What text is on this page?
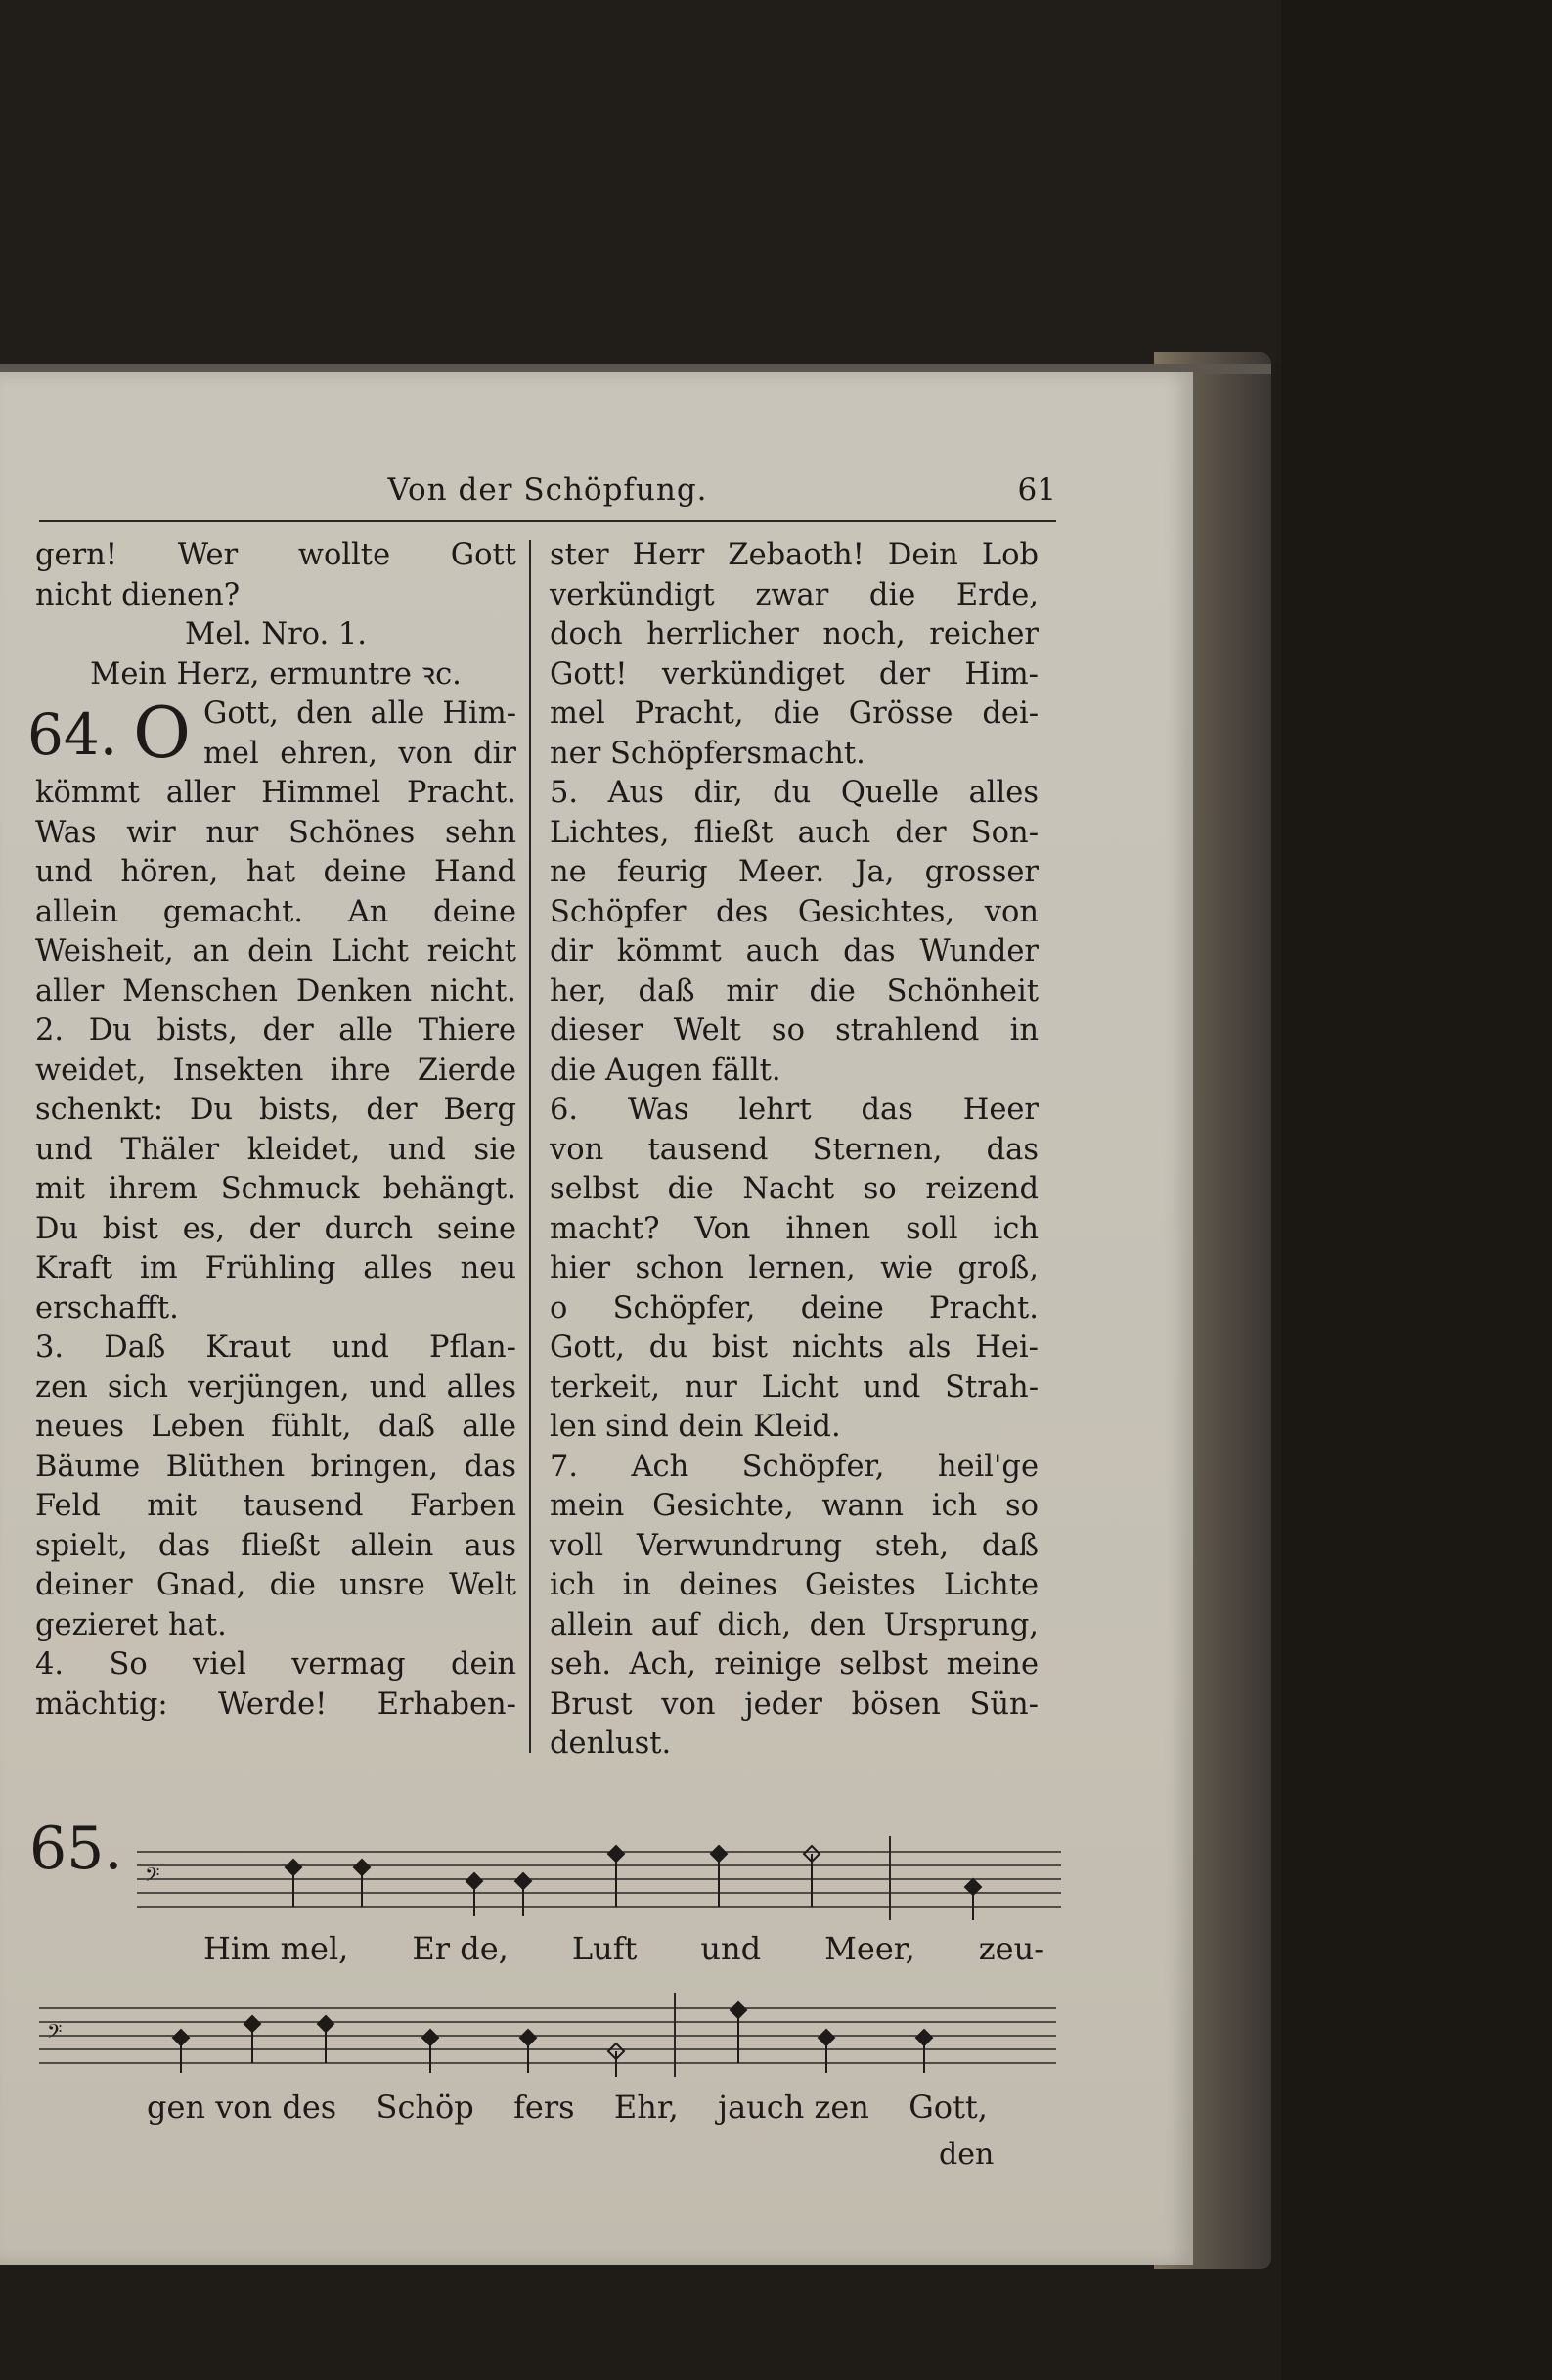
Von der Schöpfung.	61
gern! Wer wollte Gott
nicht dienen?
Mel. Nro. 1.
Mein Herz, ermuntre ꝛc.
64. O Gott, den alle Him-
mel ehren, von dir
kömmt aller Himmel Pracht.
Was wir nur Schönes sehn
und hören, hat deine Hand
allein gemacht. An deine
Weisheit, an dein Licht reicht
aller Menschen Denken nicht.
2. Du bists, der alle Thiere
weidet, Insekten ihre Zierde
schenkt: Du bists, der Berg
und Thäler kleidet, und sie
mit ihrem Schmuck behängt.
Du bist es, der durch seine
Kraft im Frühling alles neu
erschafft.
3. Daß Kraut und Pflan-
zen sich verjüngen, und alles
neues Leben fühlt, daß alle
Bäume Blüthen bringen, das
Feld mit tausend Farben
spielt, das fließt allein aus
deiner Gnad, die unsre Welt
gezieret hat.
4. So viel vermag dein
mächtig: Werde! Erhaben-
ster Herr Zebaoth! Dein Lob
verkündigt zwar die Erde,
doch herrlicher noch, reicher
Gott! verkündiget der Him-
mel Pracht, die Grösse dei-
ner Schöpfersmacht.
5. Aus dir, du Quelle alles
Lichtes, fließt auch der Son-
ne feurig Meer. Ja, grosser
Schöpfer des Gesichtes, von
dir kömmt auch das Wunder
her, daß mir die Schönheit
dieser Welt so strahlend in
die Augen fällt.
6. Was lehrt das Heer
von tausend Sternen, das
selbst die Nacht so reizend
macht? Von ihnen soll ich
hier schon lernen, wie groß,
o Schöpfer, deine Pracht.
Gott, du bist nichts als Hei-
terkeit, nur Licht und Strah-
len sind dein Kleid.
7. Ach Schöpfer, heil'ge
mein Gesichte, wann ich so
voll Verwundrung steh, daß
ich in deines Geistes Lichte
allein auf dich, den Ursprung,
seh. Ach, reinige selbst meine
Brust von jeder bösen Sün-
denlust.
65. 𝄢
Him mel, Er de, Luft und Meer, zeu-
𝄢
gen von des Schöp fers Ehr, jauch zen Gott,
den
